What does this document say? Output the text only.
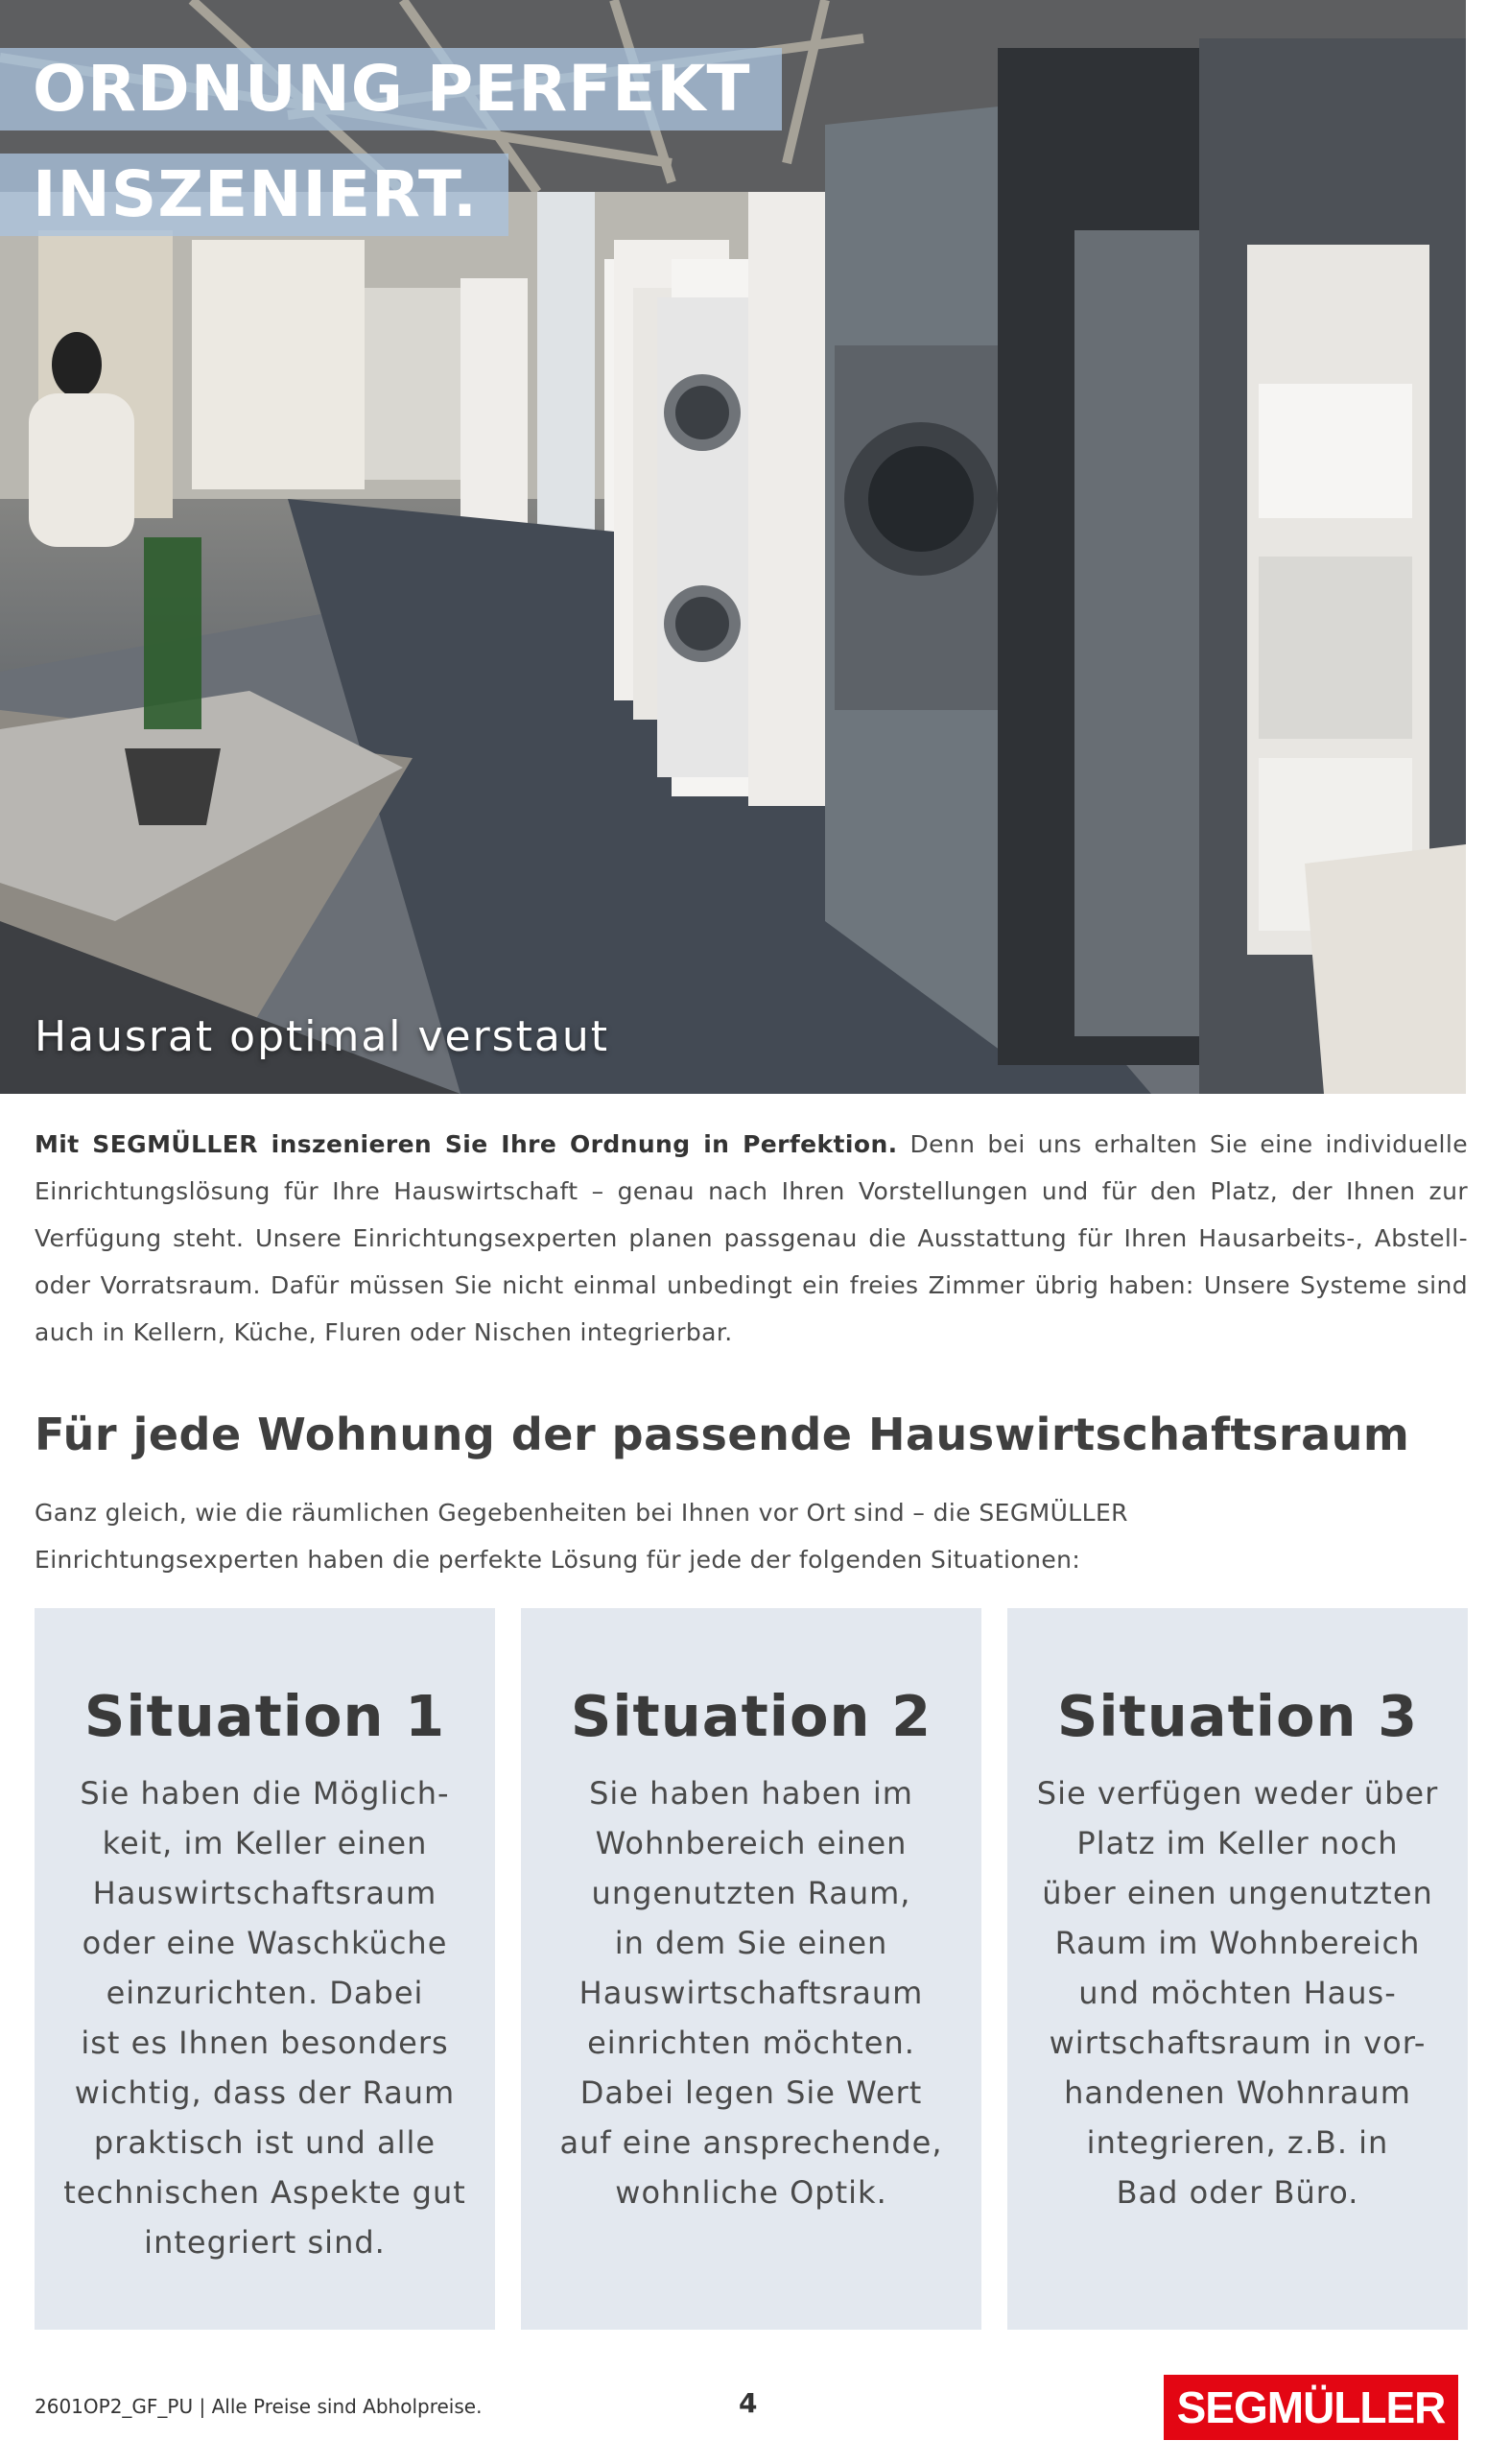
ORDNUNG PERFEKT
INSZENIERT.
Hausrat optimal verstaut

Mit SEGMÜLLER inszenieren Sie Ihre Ordnung in Perfektion. Denn bei uns erhalten Sie eine individuelle Einrichtungslösung für Ihre Hauswirtschaft – genau nach Ihren Vorstellungen und für den Platz, der Ihnen zur Verfügung steht. Unsere Einrichtungsexperten planen passgenau die Ausstattung für Ihren Hausarbeits-, Abstell- oder Vorratsraum. Dafür müssen Sie nicht einmal unbedingt ein freies Zimmer übrig haben: Unsere Systeme sind auch in Kellern, Küche, Fluren oder Nischen integrierbar.

Für jede Wohnung der passende Hauswirtschaftsraum
Ganz gleich, wie die räumlichen Gegebenheiten bei Ihnen vor Ort sind – die SEGMÜLLER
Einrichtungsexperten haben die perfekte Lösung für jede der folgenden Situationen:
Situation 1
Sie haben die Möglich-
keit, im Keller einen
Hauswirtschaftsraum
oder eine Waschküche
einzurichten. Dabei
ist es Ihnen besonders
wichtig, dass der Raum
praktisch ist und alle
technischen Aspekte gut
integriert sind.
Situation 2
Sie haben haben im
Wohnbereich einen
ungenutzten Raum,
in dem Sie einen
Hauswirtschaftsraum
einrichten möchten.
Dabei legen Sie Wert
auf eine ansprechende,
wohnliche Optik.
Situation 3
Sie verfügen weder über
Platz im Keller noch
über einen ungenutzten
Raum im Wohnbereich
und möchten Haus-
wirtschaftsraum in vor-
handenen Wohnraum
integrieren, z.B. in
Bad oder Büro.
2601OP2_GF_PU | Alle Preise sind Abholpreise.	4	SEGMÜLLER
